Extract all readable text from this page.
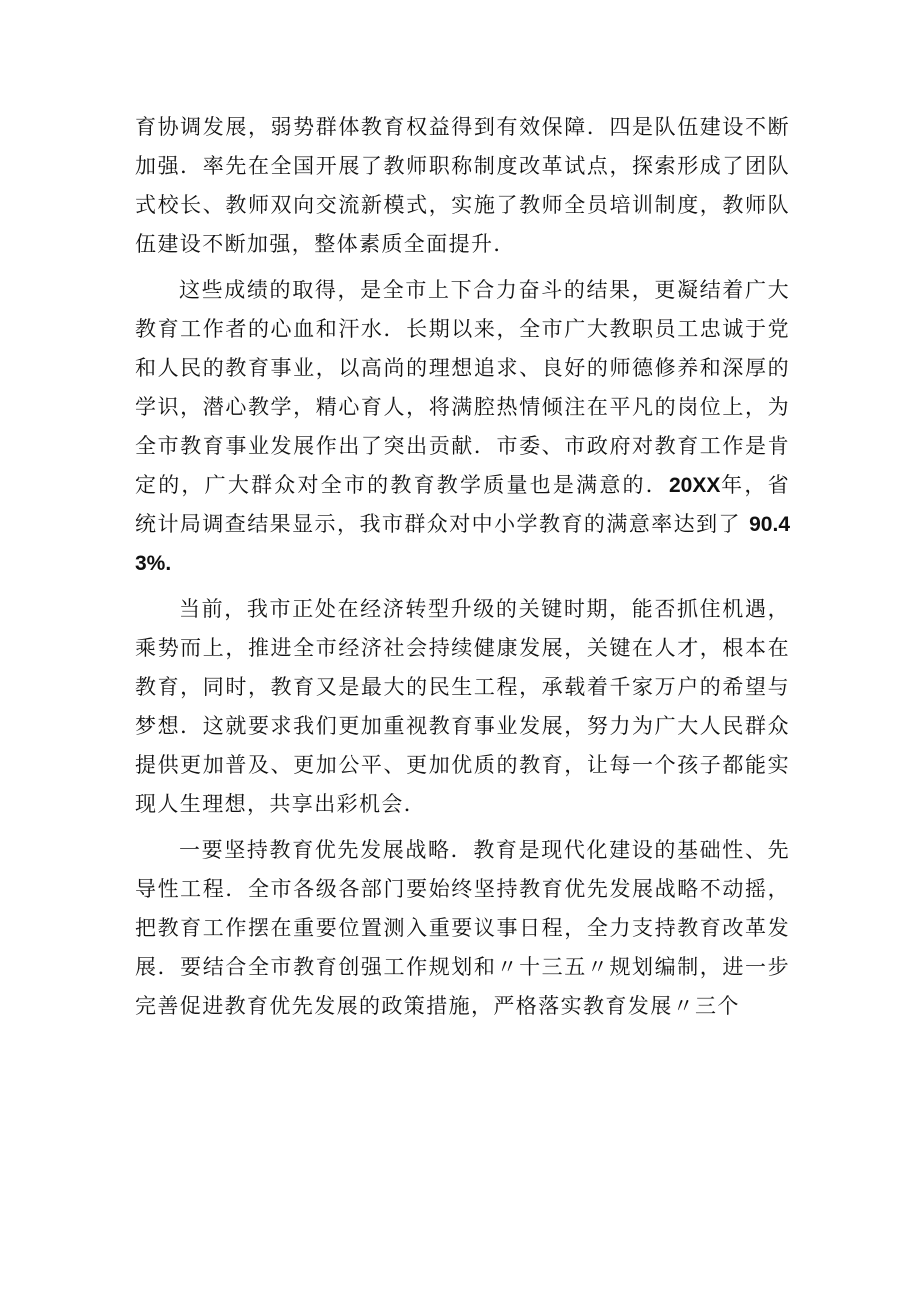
育协调发展，弱势群体教育权益得到有效保障．四是队伍建设不断加强．率先在全国开展了教师职称制度改革试点，探索形成了团队式校长、教师双向交流新模式，实施了教师全员培训制度，教师队伍建设不断加强，整体素质全面提升．

这些成绩的取得，是全市上下合力奋斗的结果，更凝结着广大教育工作者的心血和汗水．长期以来，全市广大教职员工忠诚于党和人民的教育事业，以高尚的理想追求、良好的师德修养和深厚的学识，潜心教学，精心育人，将满腔热情倾注在平凡的岗位上，为全市教育事业发展作出了突出贡献．市委、市政府对教育工作是肯定的，广大群众对全市的教育教学质量也是满意的．20XX年，省统计局调查结果显示，我市群众对中小学教育的满意率达到了 90.43%.

当前，我市正处在经济转型升级的关键时期，能否抓住机遇，乘势而上，推进全市经济社会持续健康发展，关键在人才，根本在教育，同时，教育又是最大的民生工程，承载着千家万户的希望与梦想．这就要求我们更加重视教育事业发展，努力为广大人民群众提供更加普及、更加公平、更加优质的教育，让每一个孩子都能实现人生理想，共享出彩机会．

一要坚持教育优先发展战略．教育是现代化建设的基础性、先导性工程．全市各级各部门要始终坚持教育优先发展战略不动摇，把教育工作摆在重要位置测入重要议事日程，全力支持教育改革发展．要结合全市教育创强工作规划和〃十三五〃规划编制，进一步完善促进教育优先发展的政策措施，严格落实教育发展〃三个
